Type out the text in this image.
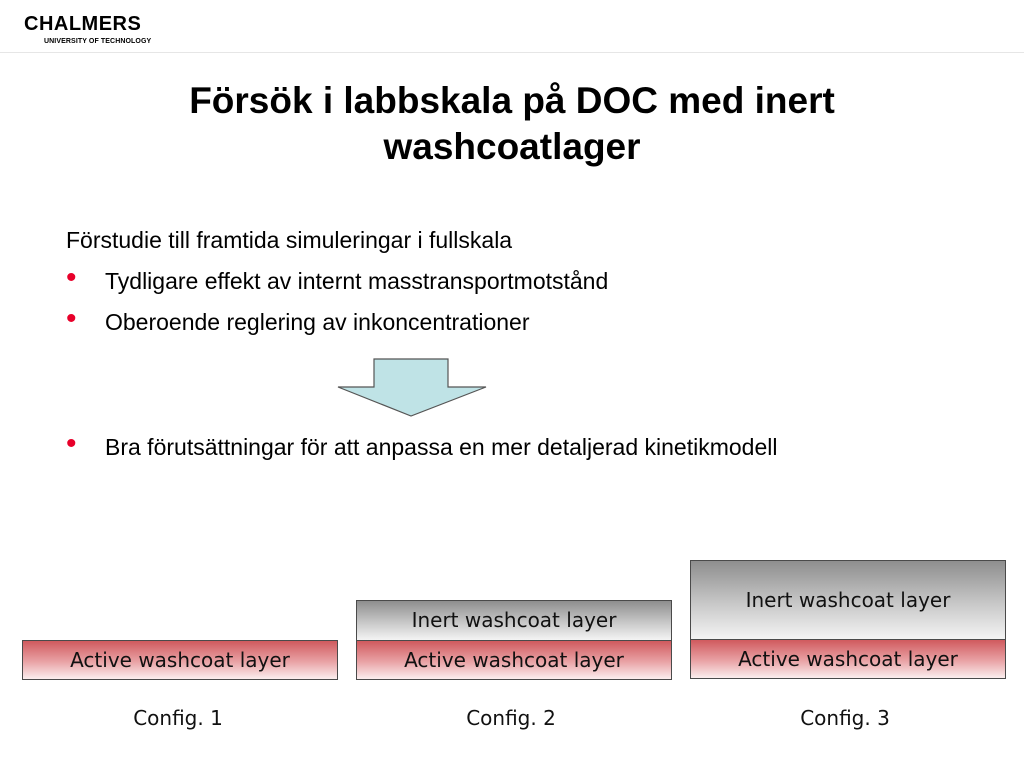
CHALMERS
UNIVERSITY OF TECHNOLOGY
Försök i labbskala på DOC med inert
washcoatlager
Förstudie till framtida simuleringar i fullskala
• Tydligare effekt av internt masstransportmotstånd
• Oberoende reglering av inkoncentrationer
• Bra förutsättningar för att anpassa en mer detaljerad kinetikmodell
Active washcoat layer
Inert washcoat layer
Active washcoat layer
Inert washcoat layer
Active washcoat layer
Config. 1	Config. 2	Config. 3
